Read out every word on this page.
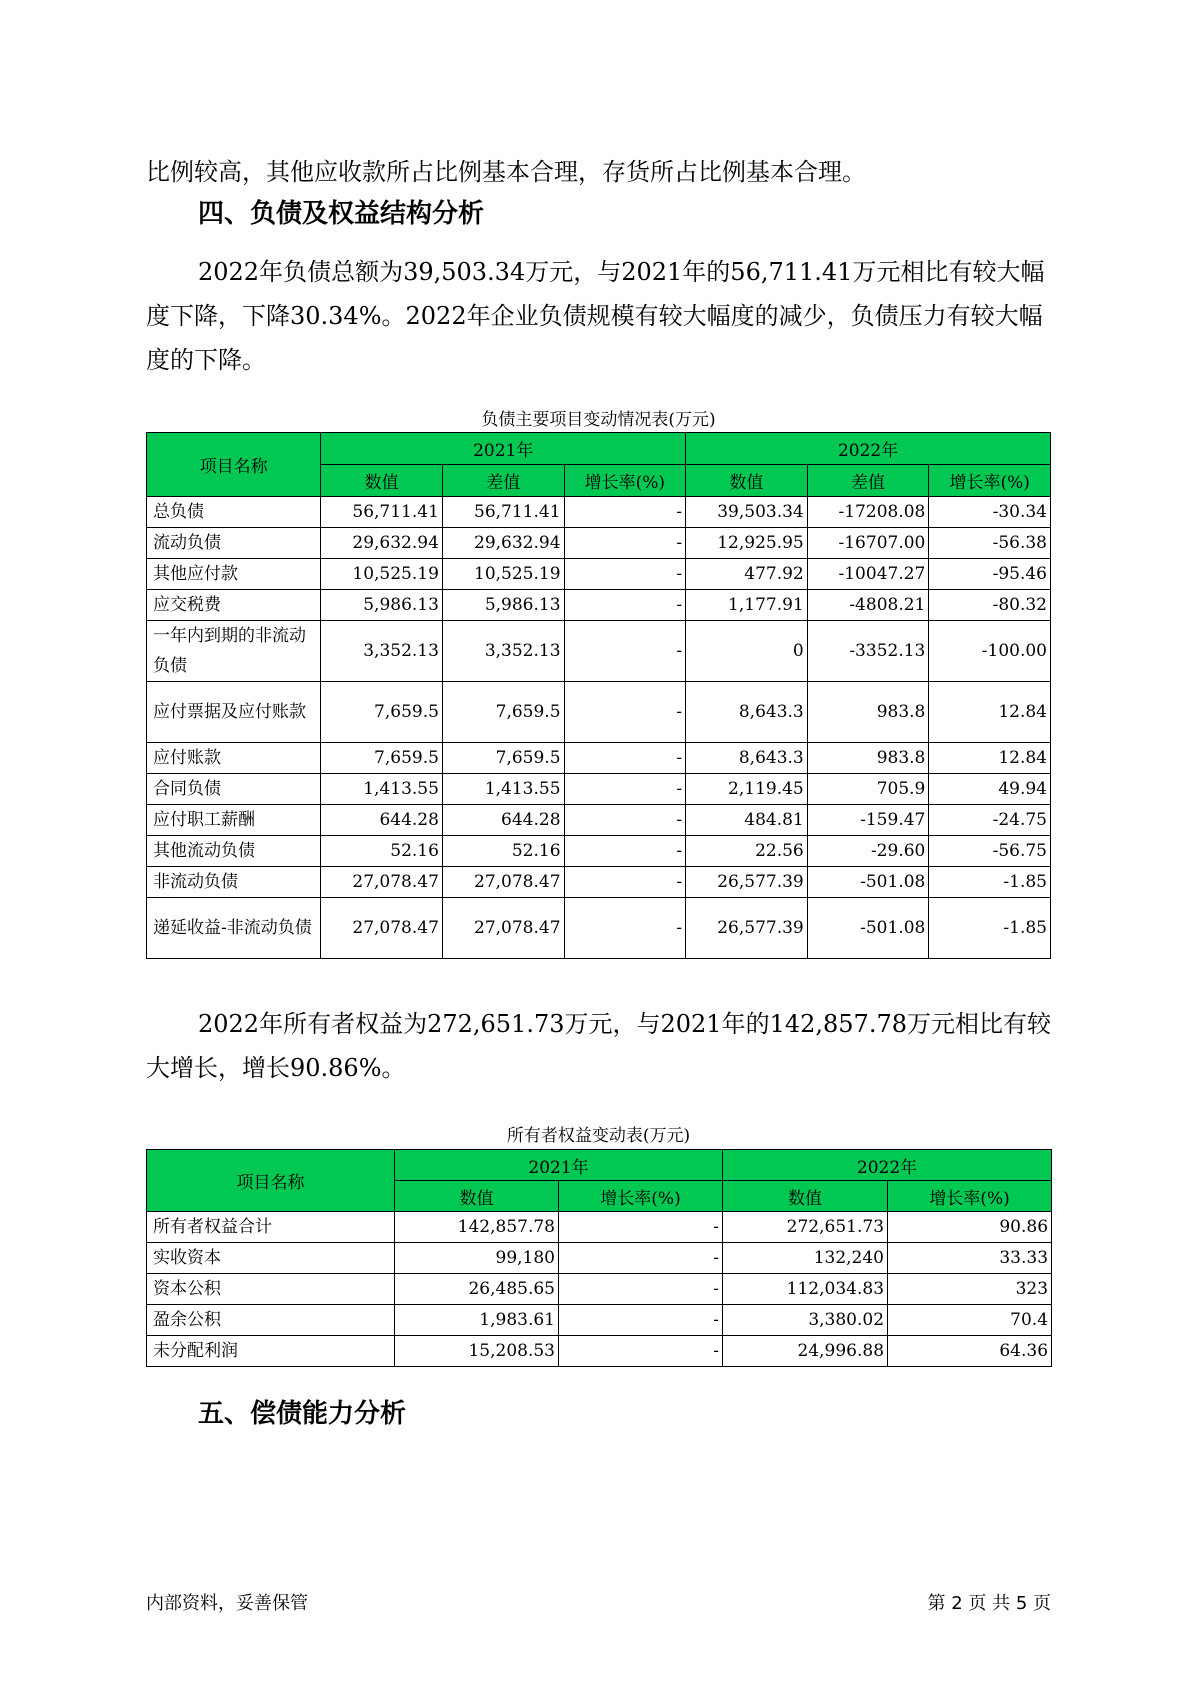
比例较高，其他应收款所占比例基本合理，存货所占比例基本合理。

四、负债及权益结构分析

2022年负债总额为39,503.34万元，与2021年的56,711.41万元相比有较大幅度下降，下降30.34%。2022年企业负债规模有较大幅度的减少，负债压力有较大幅度的下降。

负债主要项目变动情况表(万元)
项目名称	2021年			2022年		
	数值	差值	增长率(%)	数值	差值	增长率(%)
总负债	56,711.41	56,711.41	-	39,503.34	-17208.08	-30.34
流动负债	29,632.94	29,632.94	-	12,925.95	-16707.00	-56.38
其他应付款	10,525.19	10,525.19	-	477.92	-10047.27	-95.46
应交税费	5,986.13	5,986.13	-	1,177.91	-4808.21	-80.32
一年内到期的非流动负债	3,352.13	3,352.13	-	0	-3352.13	-100.00
应付票据及应付账款	7,659.5	7,659.5	-	8,643.3	983.8	12.84
应付账款	7,659.5	7,659.5	-	8,643.3	983.8	12.84
合同负债	1,413.55	1,413.55	-	2,119.45	705.9	49.94
应付职工薪酬	644.28	644.28	-	484.81	-159.47	-24.75
其他流动负债	52.16	52.16	-	22.56	-29.60	-56.75
非流动负债	27,078.47	27,078.47	-	26,577.39	-501.08	-1.85
递延收益-非流动负债	27,078.47	27,078.47	-	26,577.39	-501.08	-1.85

2022年所有者权益为272,651.73万元，与2021年的142,857.78万元相比有较大增长，增长90.86%。

所有者权益变动表(万元)
项目名称	2021年		2022年	
	数值	增长率(%)	数值	增长率(%)
所有者权益合计	142,857.78	-	272,651.73	90.86
实收资本	99,180	-	132,240	33.33
资本公积	26,485.65	-	112,034.83	323
盈余公积	1,983.61	-	3,380.02	70.4
未分配利润	15,208.53	-	24,996.88	64.36
五、偿债能力分析
内部资料，妥善保管	第 2 页 共 5 页
